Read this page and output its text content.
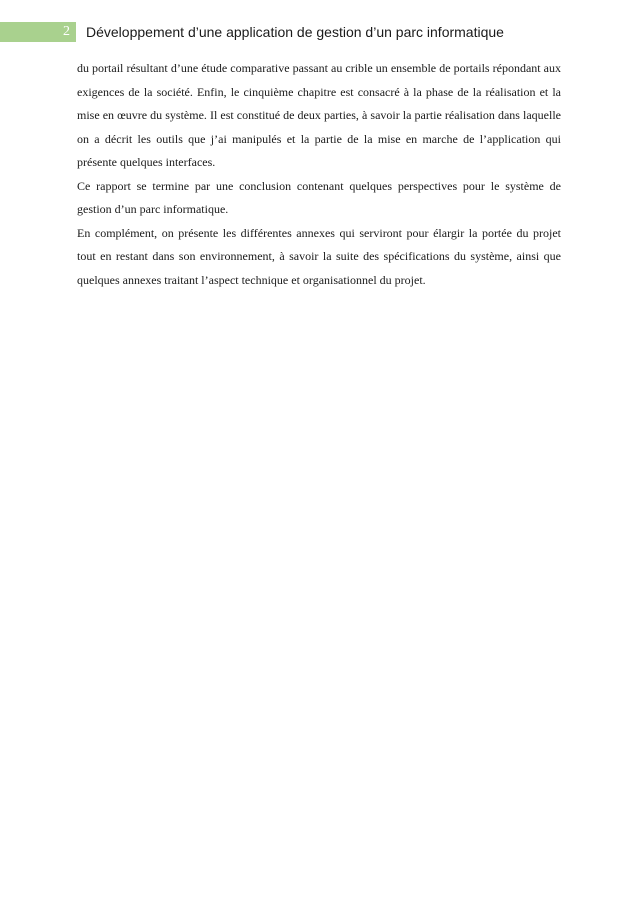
2 Développement d’une application de gestion d’un parc informatique

du portail résultant d’une étude comparative passant au crible un ensemble de portails répondant aux exigences de la société. Enfin, le cinquième chapitre est consacré à la phase de la réalisation et la mise en œuvre du système. Il est constitué de deux parties, à savoir la partie réalisation dans laquelle on a décrit les outils que j’ai manipulés et la partie de la mise en marche de l’application qui présente quelques interfaces.

Ce rapport se termine par une conclusion contenant quelques perspectives pour le système de gestion d’un parc informatique.

En complément, on présente les différentes annexes qui serviront pour élargir la portée du projet tout en restant dans son environnement, à savoir la suite des spécifications du système, ainsi que quelques annexes traitant l’aspect technique et organisationnel du projet.
